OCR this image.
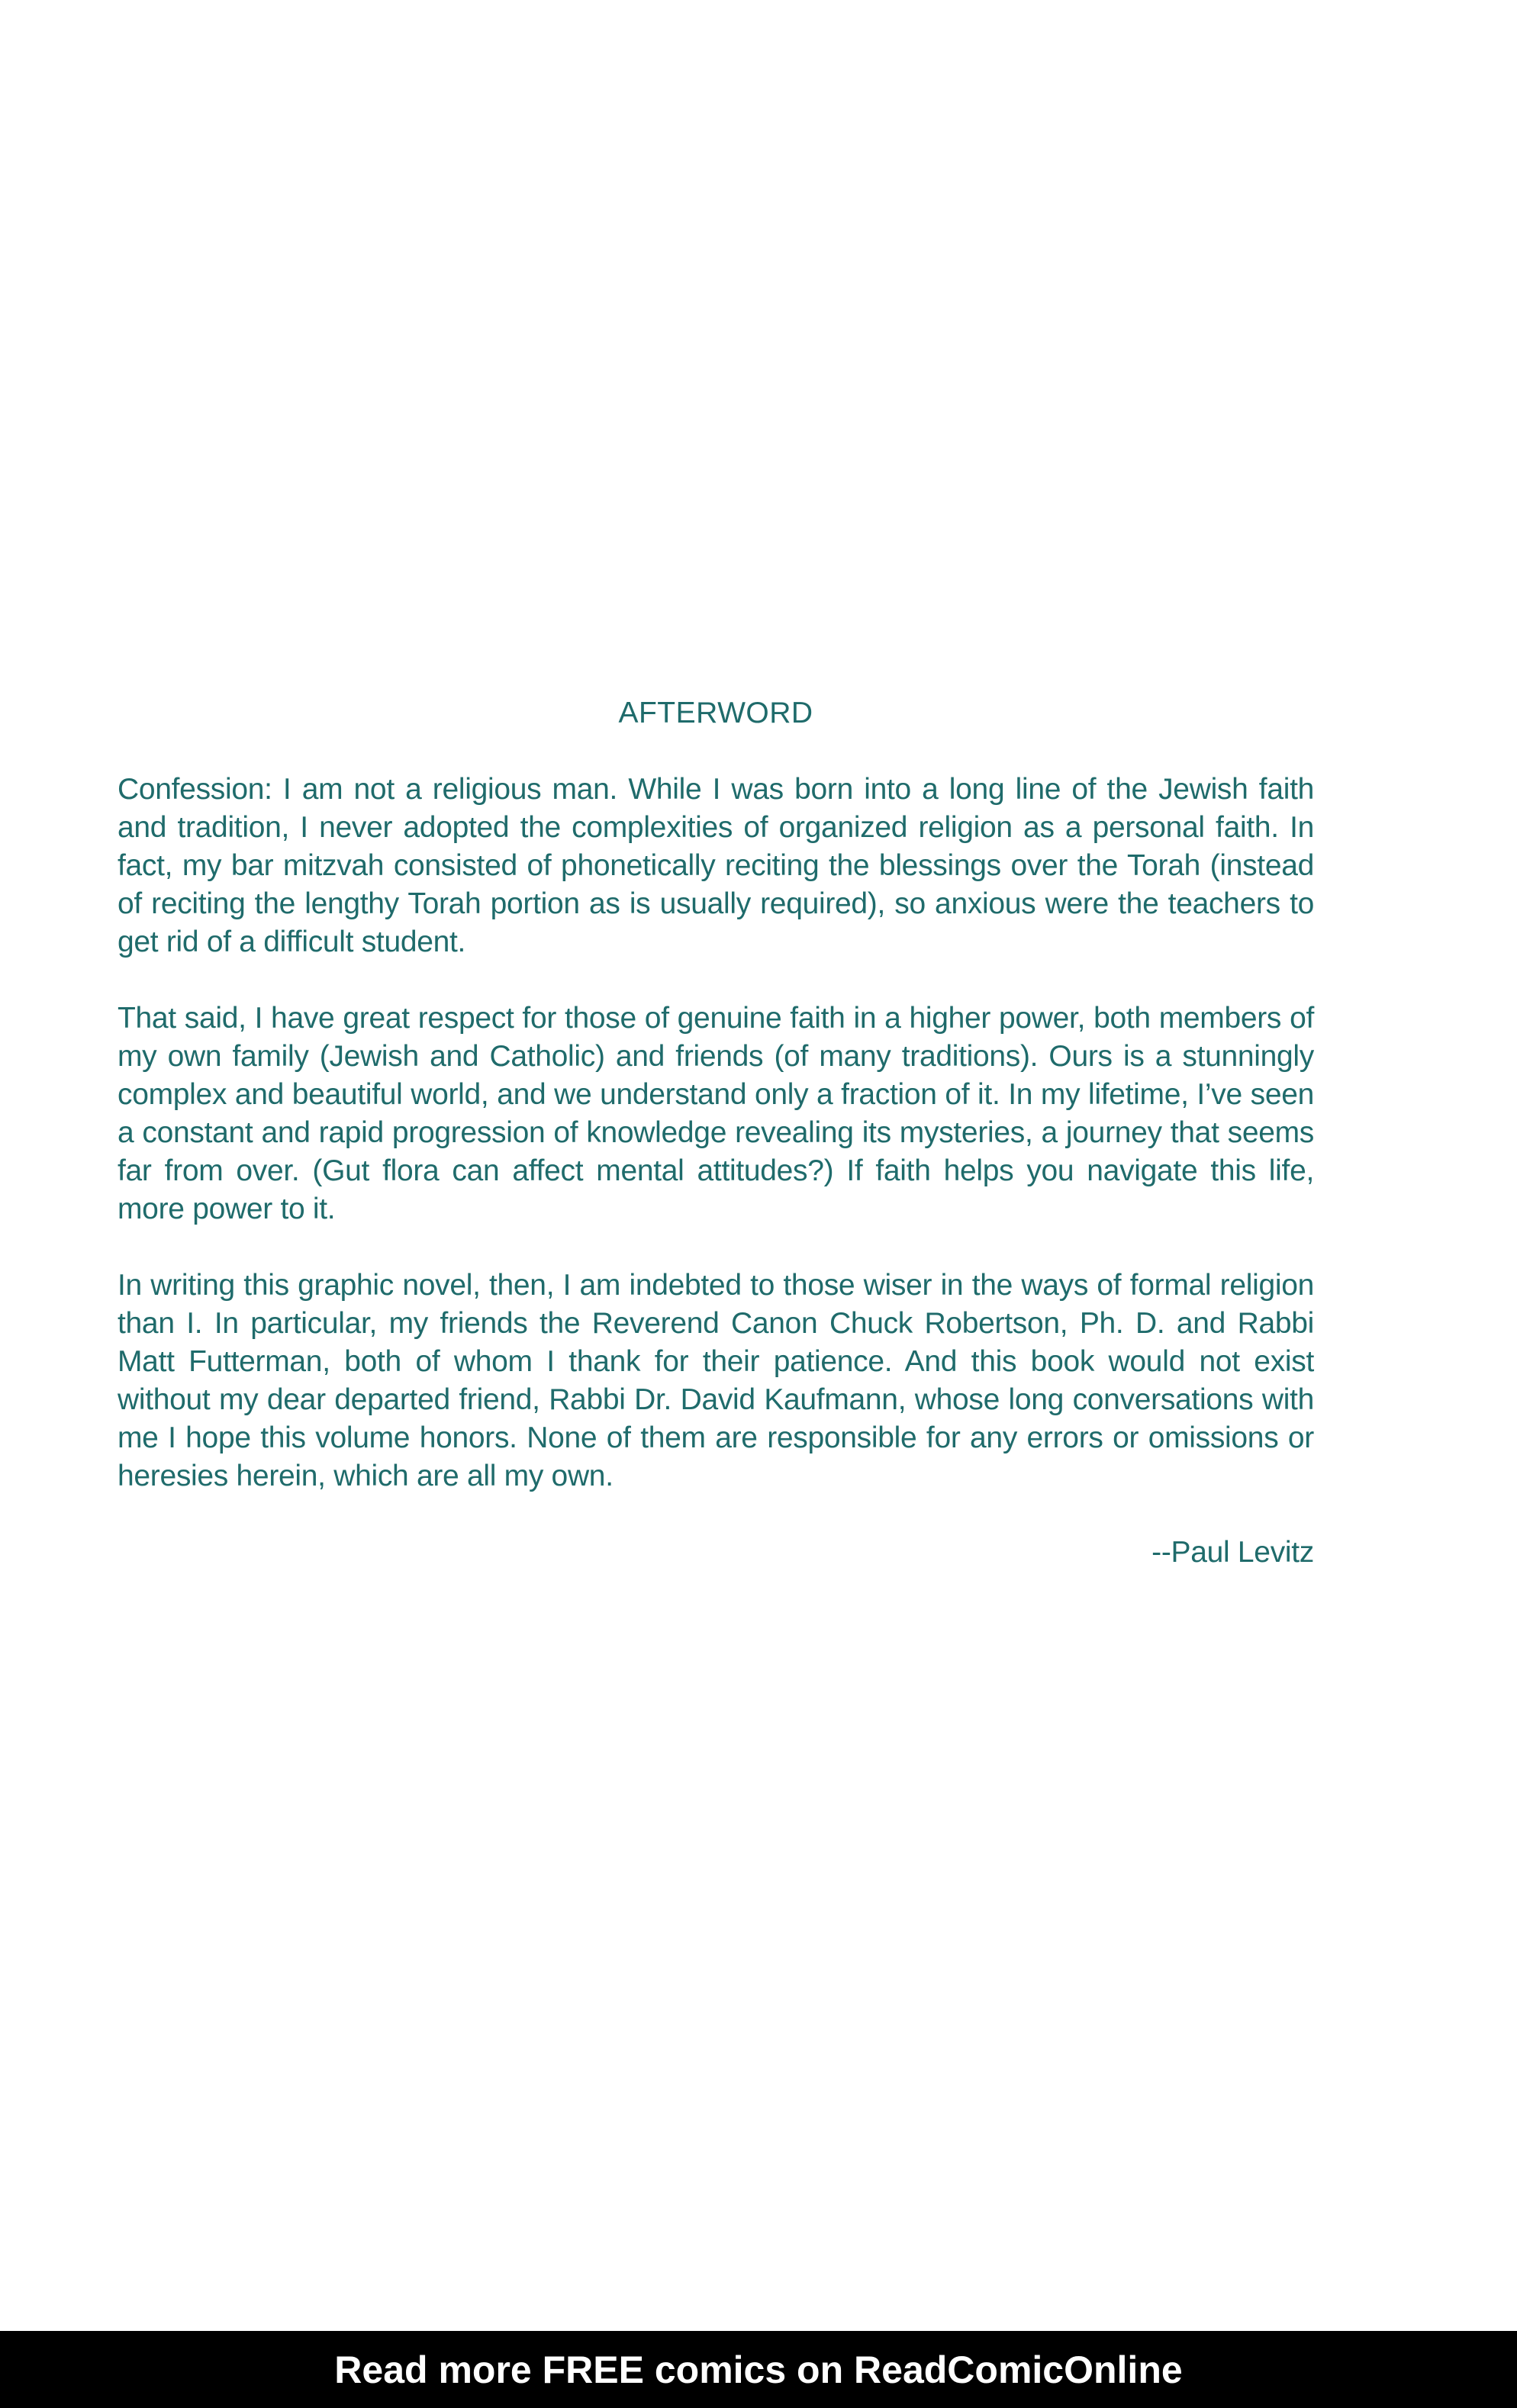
AFTERWORD

Confession: I am not a religious man. While I was born into a long line of the Jewish faith and tradition, I never adopted the complexities of organized religion as a personal faith. In fact, my bar mitzvah consisted of phonetically reciting the blessings over the Torah (instead of reciting the lengthy Torah portion as is usually required), so anxious were the teachers to get rid of a difficult student.

That said, I have great respect for those of genuine faith in a higher power, both members of my own family (Jewish and Catholic) and friends (of many traditions). Ours is a stunningly complex and beautiful world, and we understand only a fraction of it. In my lifetime, I’ve seen a constant and rapid progression of knowledge revealing its mysteries, a journey that seems far from over. (Gut flora can affect mental attitudes?) If faith helps you navigate this life, more power to it.

In writing this graphic novel, then, I am indebted to those wiser in the ways of formal religion than I. In particular, my friends the Reverend Canon Chuck Robertson, Ph. D. and Rabbi Matt Futterman, both of whom I thank for their patience. And this book would not exist without my dear departed friend, Rabbi Dr. David Kaufmann, whose long conversations with me I hope this volume honors. None of them are responsible for any errors or omissions or heresies herein, which are all my own.

--Paul Levitz

Read more FREE comics on ReadComicOnline
